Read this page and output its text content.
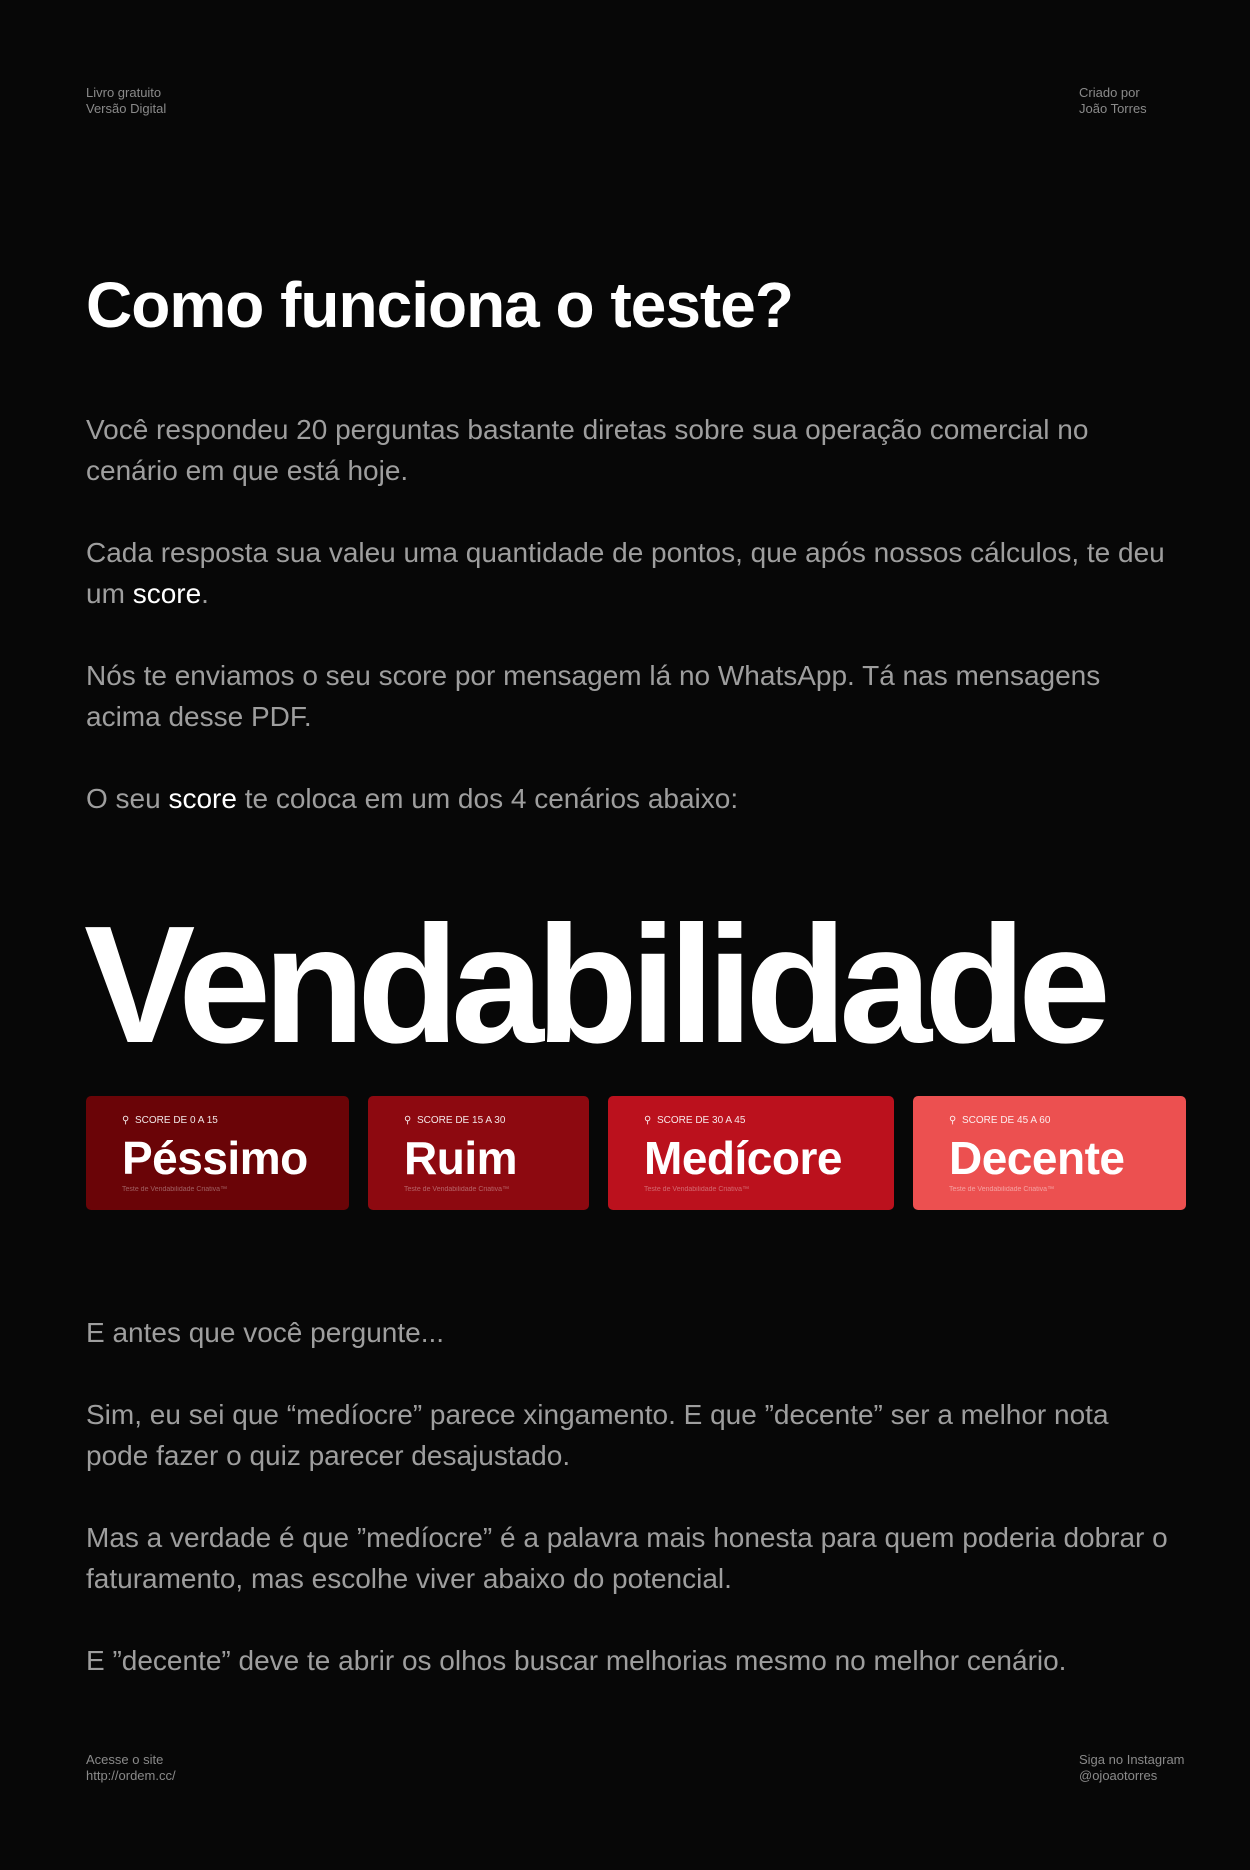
Livro gratuito
Versão Digital
Criado por
João Torres
Como funciona o teste?

Você respondeu 20 perguntas bastante diretas sobre sua operação comercial no cenário em que está hoje.

Cada resposta sua valeu uma quantidade de pontos, que após nossos cálculos, te deu um score.

Nós te enviamos o seu score por mensagem lá no WhatsApp. Tá nas mensagens acima desse PDF.

O seu score te coloca em um dos 4 cenários abaixo:

Vendabilidade
⚲ SCORE DE 0 A 15
Péssimo
Teste de Vendabilidade Criativa™
⚲ SCORE DE 15 A 30
Ruim
Teste de Vendabilidade Criativa™
⚲ SCORE DE 30 A 45
Medícore
Teste de Vendabilidade Criativa™
⚲ SCORE DE 45 A 60
Decente
Teste de Vendabilidade Criativa™

E antes que você pergunte...

Sim, eu sei que “medíocre” parece xingamento. E que ”decente” ser a melhor nota pode fazer o quiz parecer desajustado.

Mas a verdade é que ”medíocre” é a palavra mais honesta para quem poderia dobrar o faturamento, mas escolhe viver abaixo do potencial.

E ”decente” deve te abrir os olhos buscar melhorias mesmo no melhor cenário.

Acesse o site
http://ordem.cc/
Siga no Instagram
@ojoaotorres
